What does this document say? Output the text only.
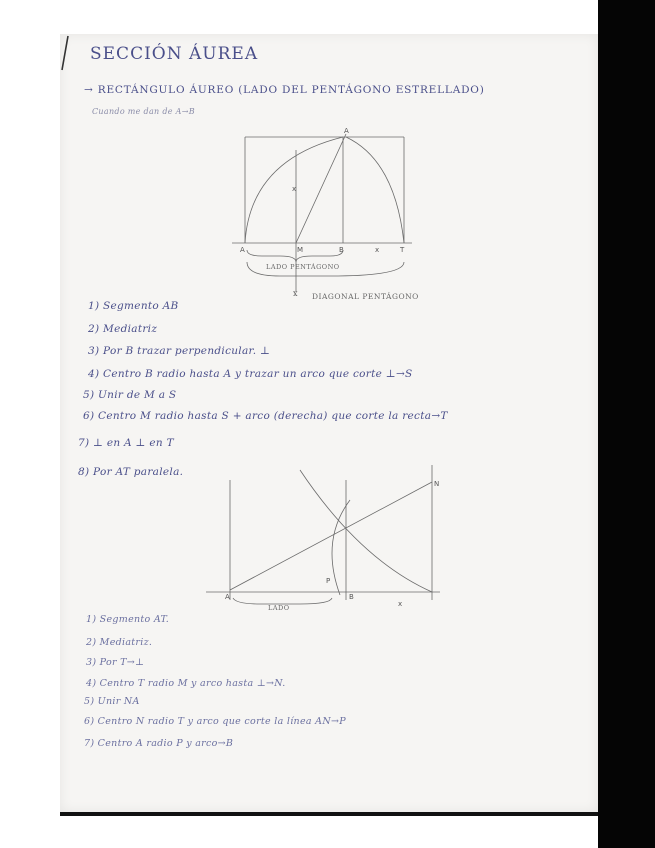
SECCIÓN ÁUREA
→ RECTÁNGULO ÁUREO (LADO DEL PENTÁGONO ESTRELLADO)
Cuando me dan de A→B
A
A	M	B	x	T
x
LADO PENTÁGONO
x DIAGONAL PENTÁGONO
1) Segmento AB
2) Mediatriz
3) Por B trazar perpendicular. ⊥
4) Centro B radio hasta A y trazar un arco que corte ⊥→S
5) Unir de M a S
6) Centro M radio hasta S + arco (derecha) que corte la recta→T
7) ⊥ en A ⊥ en T
8) Por AT paralela.
N
P
B
x
A
LADO
1) Segmento AT.
2) Mediatriz.
3) Por T→⊥
4) Centro T radio M y arco hasta ⊥→N.
5) Unir NA
6) Centro N radio T y arco que corte la línea AN→P
7) Centro A radio P y arco→B
